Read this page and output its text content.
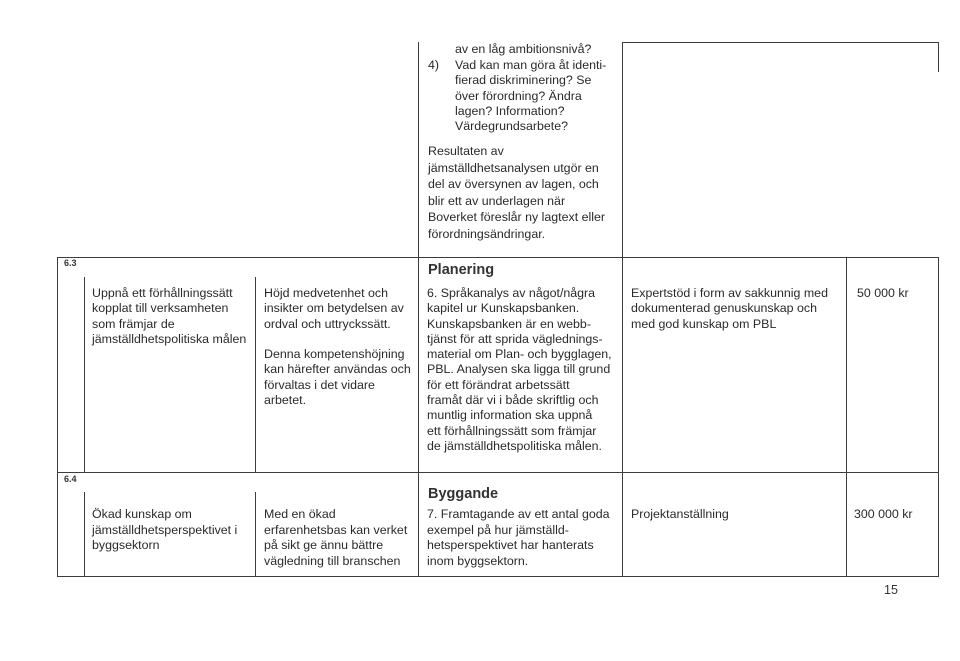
av en låg ambitionsnivå?
4) Vad kan man göra åt identi-
fierad diskriminering? Se
över förordning? Ändra
lagen? Information?
Värdegrundsarbete?
Resultaten av
jämställdhetsanalysen utgör en
del av översynen av lagen, och
blir ett av underlagen när
Boverket föreslår ny lagtext eller
förordningsändringar.
6.3	Planering
Uppnå ett förhållningssätt
kopplat till verksamheten
som främjar de
jämställdhetspolitiska målen
Höjd medvetenhet och
insikter om betydelsen av
ordval och uttryckssätt.

Denna kompetenshöjning
kan härefter användas och
förvaltas i det vidare
arbetet.
6. Språkanalys av något/några
kapitel ur Kunskapsbanken.
Kunskapsbanken är en webb-
tjänst för att sprida väglednings-
material om Plan- och bygglagen,
PBL. Analysen ska ligga till grund
för ett förändrat arbetssätt
framåt där vi i både skriftlig och
muntlig information ska uppnå
ett förhållningssätt som främjar
de jämställdhetspolitiska målen.
Expertstöd i form av sakkunnig med
dokumenterad genuskunskap och
med god kunskap om PBL
50 000 kr
6.4
Byggande
Ökad kunskap om
jämställdhetsperspektivet i
byggsektorn
Med en ökad
erfarenhetsbas kan verket
på sikt ge ännu bättre
vägledning till branschen
7. Framtagande av ett antal goda
exempel på hur jämställd-
hetsperspektivet har hanterats
inom byggsektorn.
Projektanställning	300 000 kr
15
